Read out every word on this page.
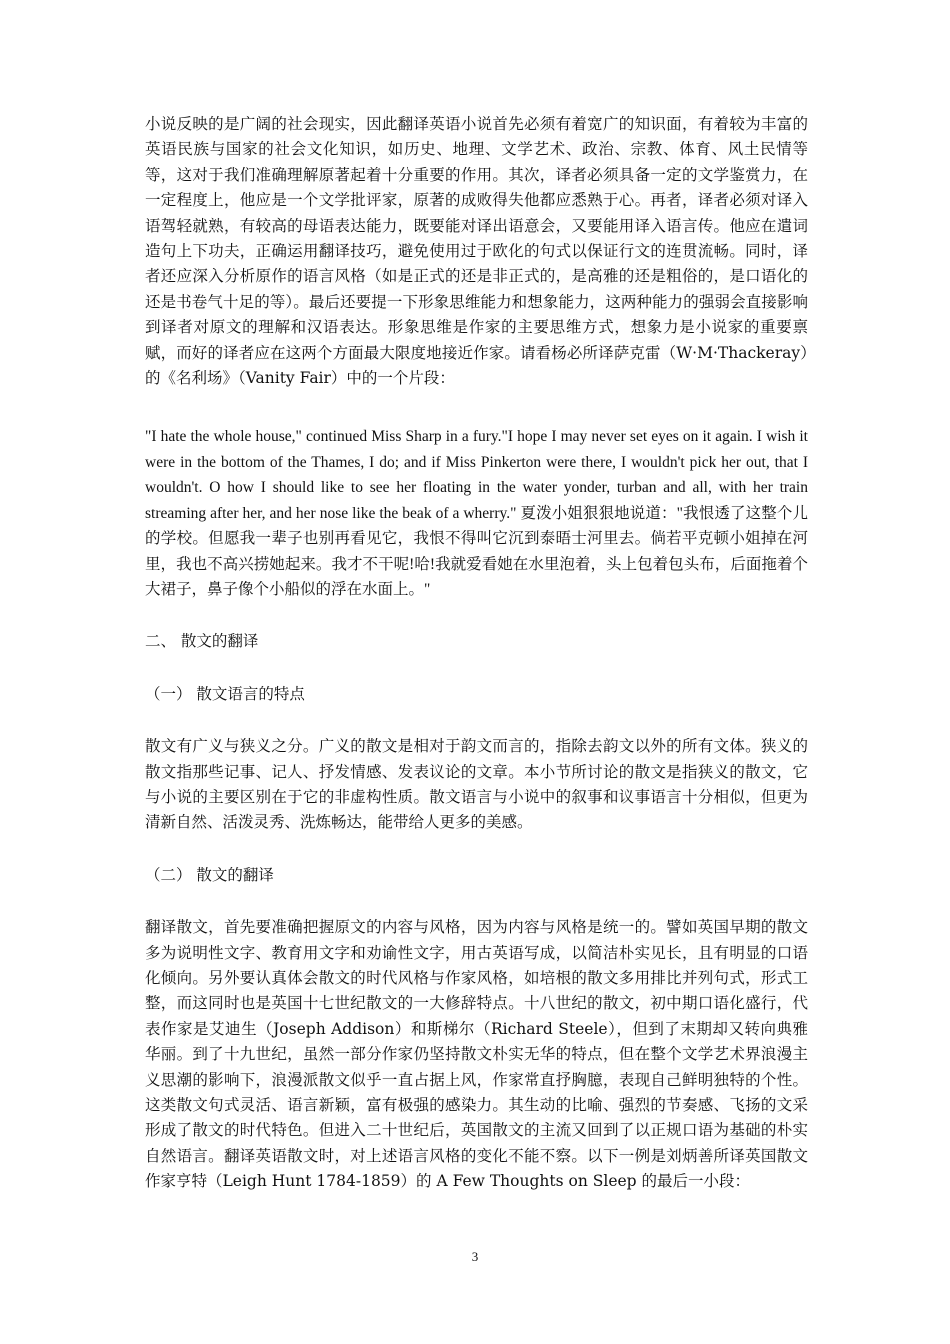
小说反映的是广阔的社会现实，因此翻译英语小说首先必须有着宽广的知识面，有着较为丰富的英语民族与国家的社会文化知识，如历史、地理、文学艺术、政治、宗教、体育、风土民情等等，这对于我们准确理解原著起着十分重要的作用。其次，译者必须具备一定的文学鉴赏力，在一定程度上，他应是一个文学批评家，原著的成败得失他都应悉熟于心。再者，译者必须对译入语驾轻就熟，有较高的母语表达能力，既要能对译出语意会，又要能用译入语言传。他应在遣词造句上下功夫，正确运用翻译技巧，避免使用过于欧化的句式以保证行文的连贯流畅。同时，译者还应深入分析原作的语言风格（如是正式的还是非正式的，是高雅的还是粗俗的，是口语化的还是书卷气十足的等）。最后还要提一下形象思维能力和想象能力，这两种能力的强弱会直接影响到译者对原文的理解和汉语表达。形象思维是作家的主要思维方式，想象力是小说家的重要禀赋，而好的译者应在这两个方面最大限度地接近作家。请看杨必所译萨克雷（W·M·Thackeray）的《名利场》（Vanity Fair）中的一个片段：

"I hate the whole house," continued Miss Sharp in a fury."I hope I may never set eyes on it again. I wish it were in the bottom of the Thames, I do; and if Miss Pinkerton were there, I wouldn't pick her out, that I wouldn't. O how I should like to see her floating in the water yonder, turban and all, with her train streaming after her, and her nose like the beak of a wherry." 夏泼小姐狠狠地说道："我恨透了这整个儿的学校。但愿我一辈子也别再看见它，我恨不得叫它沉到泰晤士河里去。倘若平克顿小姐掉在河里，我也不高兴捞她起来。我才不干呢!哈!我就爱看她在水里泡着，头上包着包头布，后面拖着个大裙子，鼻子像个小船似的浮在水面上。"

二、 散文的翻译

（一） 散文语言的特点

散文有广义与狭义之分。广义的散文是相对于韵文而言的，指除去韵文以外的所有文体。狭义的散文指那些记事、记人、抒发情感、发表议论的文章。本小节所讨论的散文是指狭义的散文，它与小说的主要区别在于它的非虚构性质。散文语言与小说中的叙事和议事语言十分相似，但更为清新自然、活泼灵秀、洗炼畅达，能带给人更多的美感。

（二） 散文的翻译

翻译散文，首先要准确把握原文的内容与风格，因为内容与风格是统一的。譬如英国早期的散文多为说明性文字、教育用文字和劝谕性文字，用古英语写成，以简洁朴实见长，且有明显的口语化倾向。另外要认真体会散文的时代风格与作家风格，如培根的散文多用排比并列句式，形式工整，而这同时也是英国十七世纪散文的一大修辞特点。十八世纪的散文，初中期口语化盛行，代表作家是艾迪生（Joseph Addison）和斯梯尔（Richard Steele），但到了末期却又转向典雅华丽。到了十九世纪，虽然一部分作家仍坚持散文朴实无华的特点，但在整个文学艺术界浪漫主义思潮的影响下，浪漫派散文似乎一直占据上风，作家常直抒胸臆，表现自己鲜明独特的个性。这类散文句式灵活、语言新颖，富有极强的感染力。其生动的比喻、强烈的节奏感、飞扬的文采形成了散文的时代特色。但进入二十世纪后，英国散文的主流又回到了以正规口语为基础的朴实自然语言。翻译英语散文时，对上述语言风格的变化不能不察。以下一例是刘炳善所译英国散文作家亨特（Leigh Hunt 1784-1859）的 A Few Thoughts on Sleep 的最后一小段：

3
